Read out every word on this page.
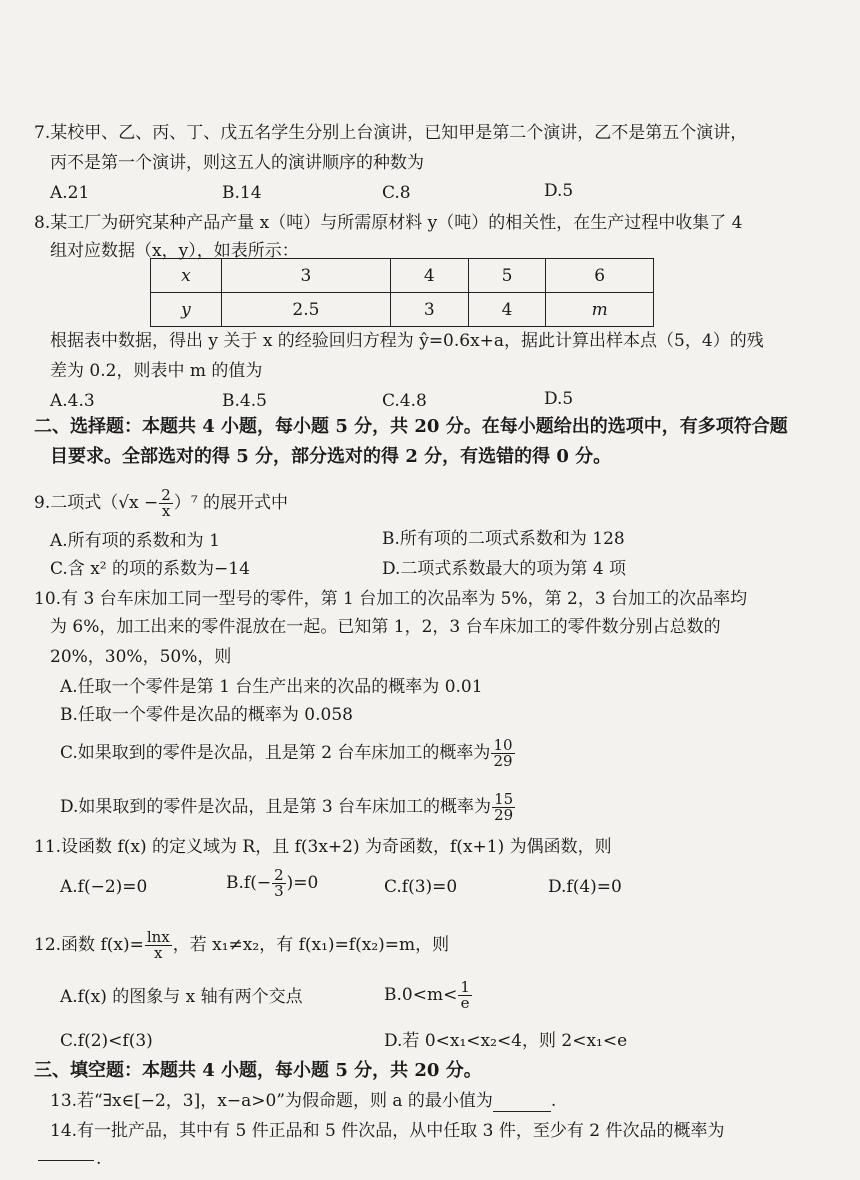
7.某校甲、乙、丙、丁、戊五名学生分别上台演讲，已知甲是第二个演讲，乙不是第五个演讲，
丙不是第一个演讲，则这五人的演讲顺序的种数为
A.21	B.14	C.8	D.5
8.某工厂为研究某种产品产量 x（吨）与所需原材料 y（吨）的相关性，在生产过程中收集了 4
组对应数据（x，y），如表所示：
x	3	4	5	6
y	2.5	3	4	m
根据表中数据，得出 y 关于 x 的经验回归方程为 ŷ=0.6x+a，据此计算出样本点（5，4）的残
差为 0.2，则表中 m 的值为
A.4.3	B.4.5	C.4.8	D.5
二、选择题：本题共 4 小题，每小题 5 分，共 20 分。在每小题给出的选项中，有多项符合题
目要求。全部选对的得 5 分，部分选对的得 2 分，有选错的得 0 分。
9.二项式$(√x - \frac{2}{x} )^7$ 的展开式中
A.所有项的系数和为 1	B.所有项的二项式系数和为 128
C.含 x² 的项的系数为−14	D.二项式系数最大的项为第 4 项
10.有 3 台车床加工同一型号的零件，第 1 台加工的次品率为 5%，第 2，3 台加工的次品率均
为 6%，加工出来的零件混放在一起。已知第 1，2，3 台车床加工的零件数分别占总数的
20%，30%，50%，则
A.任取一个零件是第 1 台生产出来的次品的概率为 0.01
B.任取一个零件是次品的概率为 0.058
C.如果取到的零件是次品，且是第 2 台车床加工的概率为 $\frac{10}{29}$
D.如果取到的零件是次品，且是第 3 台车床加工的概率为 $\frac{15}{29}$
11.设函数 f(x) 的定义域为 R，且 f(3x+2) 为奇函数，f(x+1) 为偶函数，则
A.f(−2)=0	$B.f(- \frac{2}{3} )=0$	C.f(3)=0	D.f(4)=0
12.函数 $f(x)= \frac{\ln x}{x}$ ，若 x₁≠x₂，有 f(x₁)=f(x₂)=m，则
A.f(x) 的图象与 x 轴有两个交点	$B.0<m< \frac{1}{e}$
C.f(2)<f(3)	D.若 0<x₁<x₂<4，则 2<x₁<e
三、填空题：本题共 4 小题，每小题 5 分，共 20 分。
13.若“∃x∈[−2，3]，x−a>0”为假命题，则 a 的最小值为	.
14.有一批产品，其中有 5 件正品和 5 件次品，从中任取 3 件，至少有 2 件次品的概率为
.
